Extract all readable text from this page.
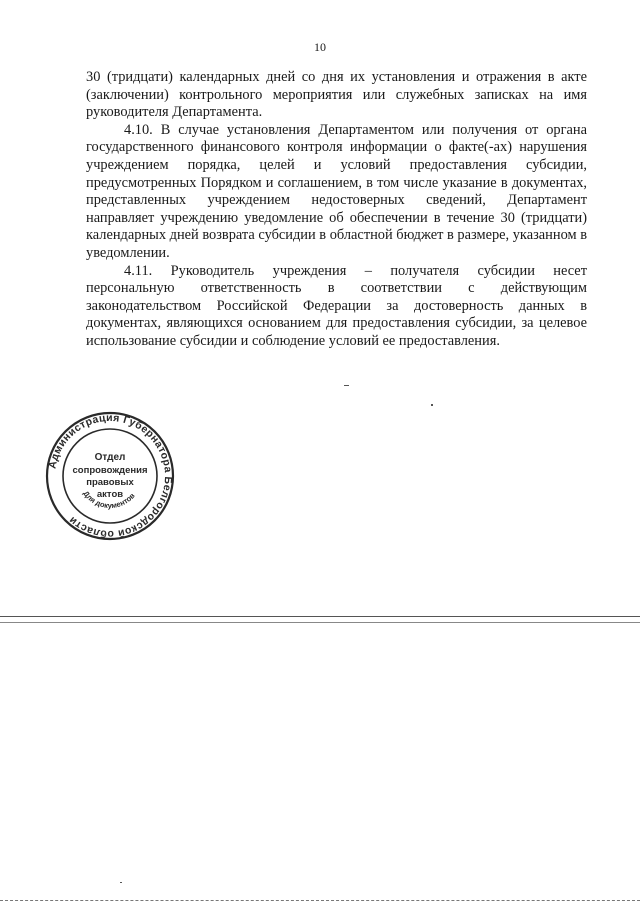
10

30 (тридцати) календарных дней со дня их установления и отражения в акте (заключении) контрольного мероприятия или служебных записках на имя руководителя Департамента.

4.10. В случае установления Департаментом или получения от органа государственного финансового контроля информации о факте(-ах) нарушения учреждением порядка, целей и условий предоставления субсидии, предусмотренных Порядком и соглашением, в том числе указание в документах, представленных учреждением недостоверных сведений, Департамент направляет учреждению уведомление об обеспечении в течение 30 (тридцати) календарных дней возврата субсидии в областной бюджет в размере, указанном в уведомлении.

4.11. Руководитель учреждения – получателя субсидии несет персональную ответственность в соответствии с действующим законодательством Российской Федерации за достоверность данных в документах, являющихся основанием для предоставления субсидии, за целевое использование субсидии и соблюдение условий ее предоставления.

Администрация Губернатора Белгородской области
Для документов
Отдел
сопровождения
правовых
актов
